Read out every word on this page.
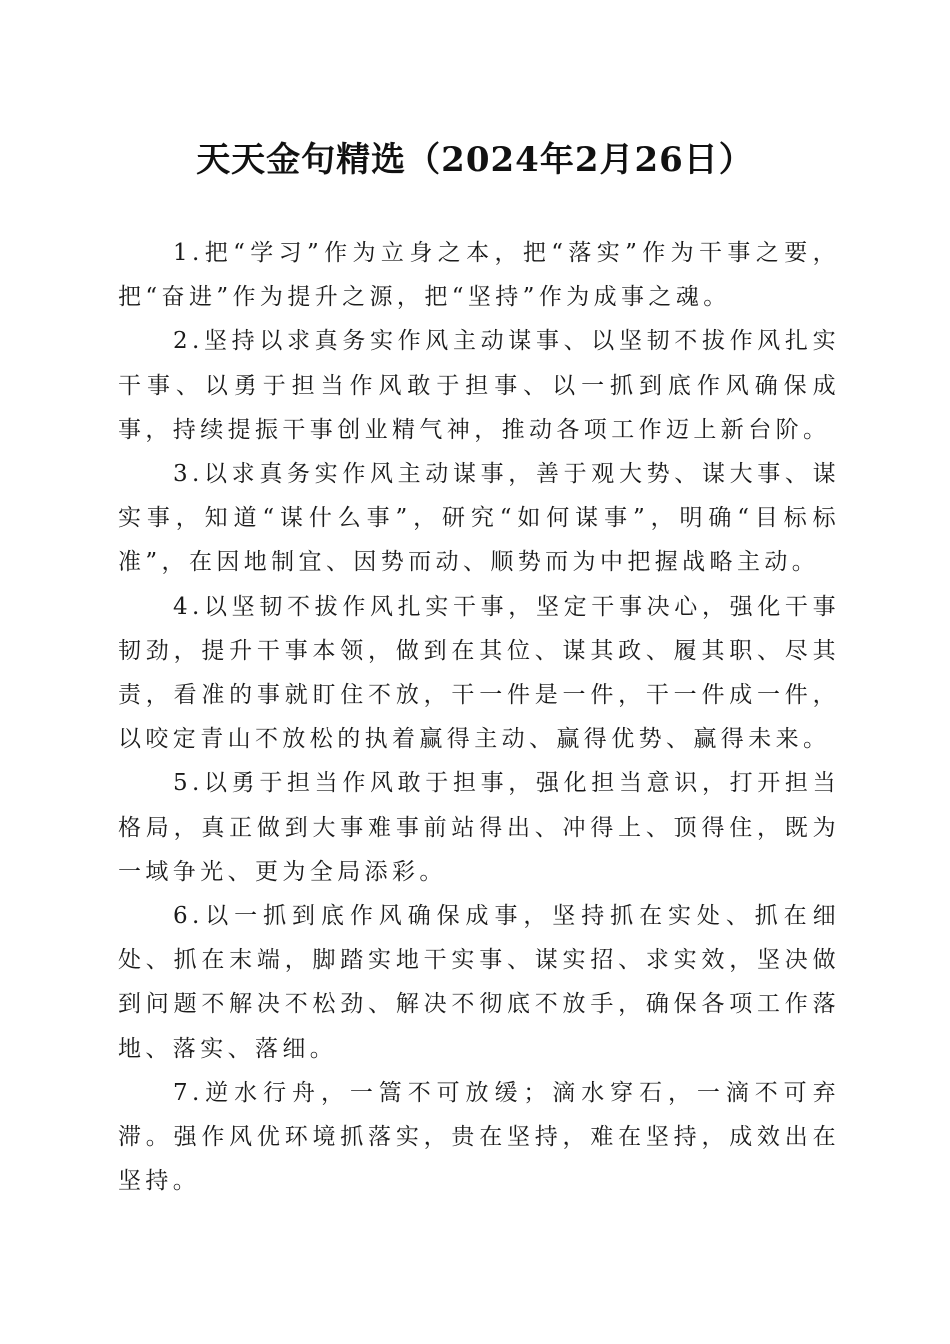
天天金句精选（2024年2月26日）

1.把“学习”作为立身之本，把“落实”作为干事之要，把“奋进”作为提升之源，把“坚持”作为成事之魂。

2.坚持以求真务实作风主动谋事、以坚韧不拔作风扎实干事、以勇于担当作风敢于担事、以一抓到底作风确保成事，持续提振干事创业精气神，推动各项工作迈上新台阶。

3.以求真务实作风主动谋事，善于观大势、谋大事、谋实事，知道“谋什么事”，研究“如何谋事”，明确“目标标准”，在因地制宜、因势而动、顺势而为中把握战略主动。

4.以坚韧不拔作风扎实干事，坚定干事决心，强化干事韧劲，提升干事本领，做到在其位、谋其政、履其职、尽其责，看准的事就盯住不放，干一件是一件，干一件成一件，以咬定青山不放松的执着赢得主动、赢得优势、赢得未来。

5.以勇于担当作风敢于担事，强化担当意识，打开担当格局，真正做到大事难事前站得出、冲得上、顶得住，既为一域争光、更为全局添彩。

6.以一抓到底作风确保成事，坚持抓在实处、抓在细处、抓在末端，脚踏实地干实事、谋实招、求实效，坚决做到问题不解决不松劲、解决不彻底不放手，确保各项工作落地、落实、落细。

7.逆水行舟，一篙不可放缓；滴水穿石，一滴不可弃滞。强作风优环境抓落实，贵在坚持，难在坚持，成效出在坚持。
